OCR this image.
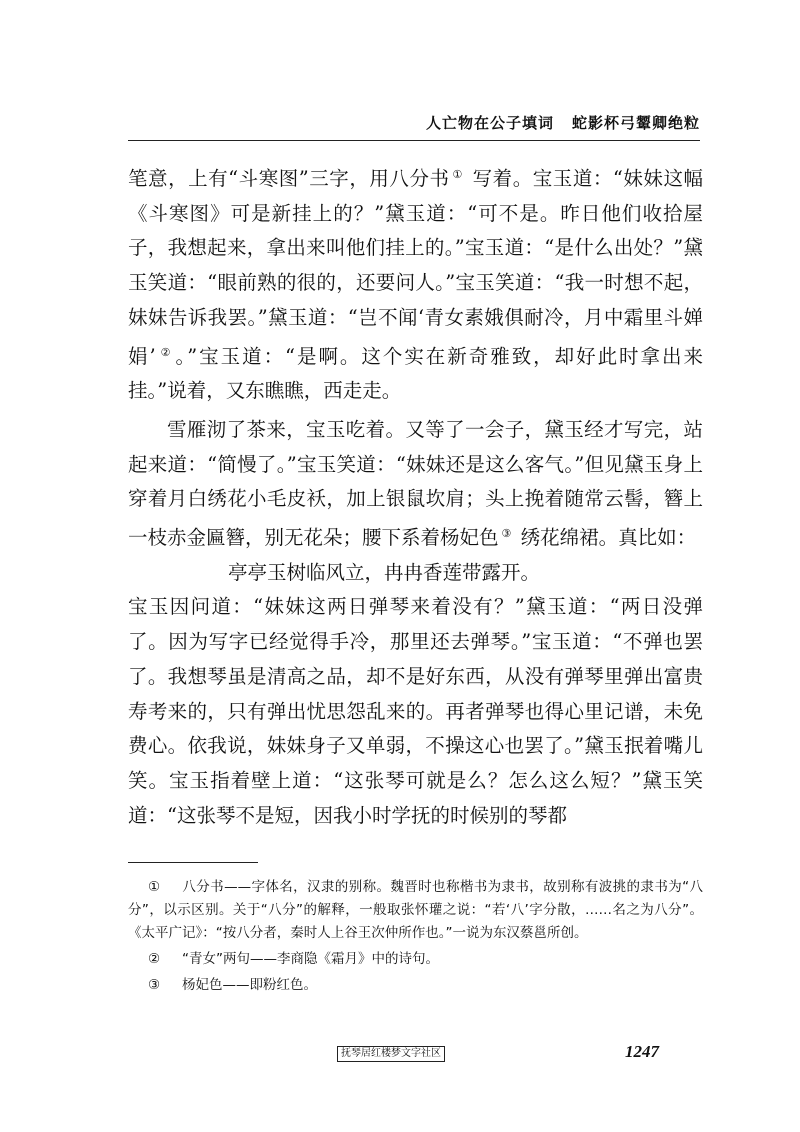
人亡物在公子填词 蛇影杯弓颦卿绝粒

笔意，上有“斗寒图”三字，用八分书 ① 写着。宝玉道：“妹妹这幅《斗寒图》可是新挂上的？”黛玉道：“可不是。昨日他们收拾屋子，我想起来，拿出来叫他们挂上的。”宝玉道：“是什么出处？”黛玉笑道：“眼前熟的很的，还要问人。”宝玉笑道：“我一时想不起，妹妹告诉我罢。”黛玉道：“岂不闻‘青女素娥俱耐冷，月中霜里斗婵娟’ ② 。”宝玉道：“是啊。这个实在新奇雅致，却好此时拿出来挂。”说着，又东瞧瞧，西走走。

雪雁沏了茶来，宝玉吃着。又等了一会子，黛玉经才写完，站起来道：“简慢了。”宝玉笑道：“妹妹还是这么客气。”但见黛玉身上穿着月白绣花小毛皮袄，加上银鼠坎肩；头上挽着随常云髻，簪上一枝赤金匾簪，别无花朵；腰下系着杨妃色 ③ 绣花绵裙。真比如：

亭亭玉树临风立，冉冉香莲带露开。

宝玉因问道：“妹妹这两日弹琴来着没有？”黛玉道：“两日没弹了。因为写字已经觉得手冷，那里还去弹琴。”宝玉道：“不弹也罢了。我想琴虽是清高之品，却不是好东西，从没有弹琴里弹出富贵寿考来的，只有弹出忧思怨乱来的。再者弹琴也得心里记谱，未免费心。依我说，妹妹身子又单弱，不操这心也罢了。”黛玉抿着嘴儿笑。宝玉指着壁上道：“这张琴可就是么？怎么这么短？”黛玉笑道：“这张琴不是短，因我小时学抚的时候别的琴都

① 八分书——字体名，汉隶的别称。魏晋时也称楷书为隶书，故别称有波挑的隶书为“八分”，以示区别。关于“八分”的解释，一般取张怀瓘之说：“若‘八’字分散，……名之为八分”。《太平广记》：“按八分者，秦时人上谷王次仲所作也。”一说为东汉蔡邕所创。

② “青女”两句——李商隐《霜月》中的诗句。

③ 杨妃色——即粉红色。

抚琴居红楼梦文字社区	1247
